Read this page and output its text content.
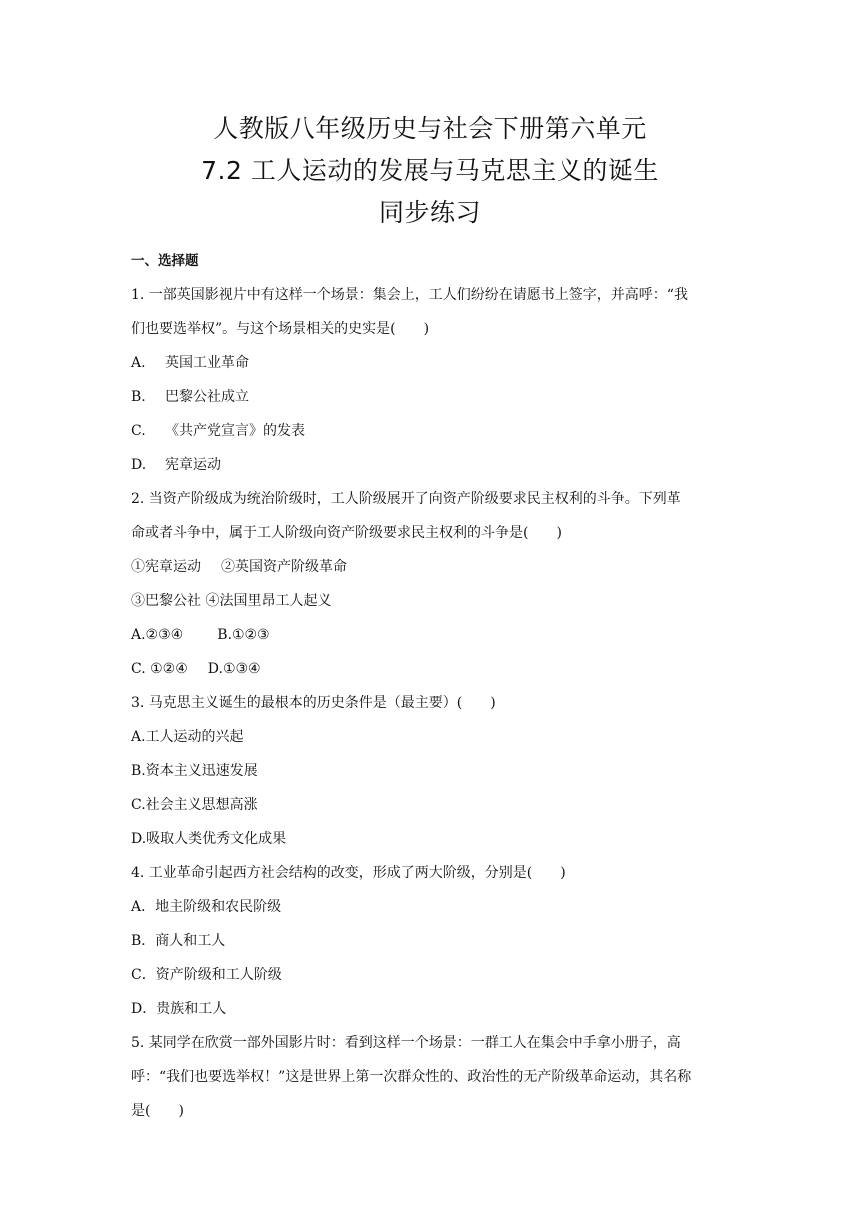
人教版八年级历史与社会下册第六单元
7.2 工人运动的发展与马克思主义的诞生
同步练习
一、选择题

1. 一部英国影视片中有这样一个场景：集会上，工人们纷纷在请愿书上签字，并高呼：“我

们也要选举权”。与这个场景相关的史实是(　　)

A. 英国工业革命

B. 巴黎公社成立

C. 《共产党宣言》的发表

D. 宪章运动

2. 当资产阶级成为统治阶级时，工人阶级展开了向资产阶级要求民主权利的斗争。下列革

命或者斗争中，属于工人阶级向资产阶级要求民主权利的斗争是(　　)

①宪章运动 ②英国资产阶级革命

③巴黎公社 ④法国里昂工人起义

A.②③④ B.①②③

C. ①②④ D.①③④

3. 马克思主义诞生的最根本的历史条件是（最主要）(　　)

A.工人运动的兴起

B.资本主义迅速发展

C.社会主义思想高涨

D.吸取人类优秀文化成果

4. 工业革命引起西方社会结构的改变，形成了两大阶级，分别是(　　)

A．地主阶级和农民阶级

B．商人和工人

C．资产阶级和工人阶级

D．贵族和工人

5. 某同学在欣赏一部外国影片时：看到这样一个场景：一群工人在集会中手拿小册子，高

呼：“我们也要选举权！”这是世界上第一次群众性的、政治性的无产阶级革命运动，其名称

是(　　)
